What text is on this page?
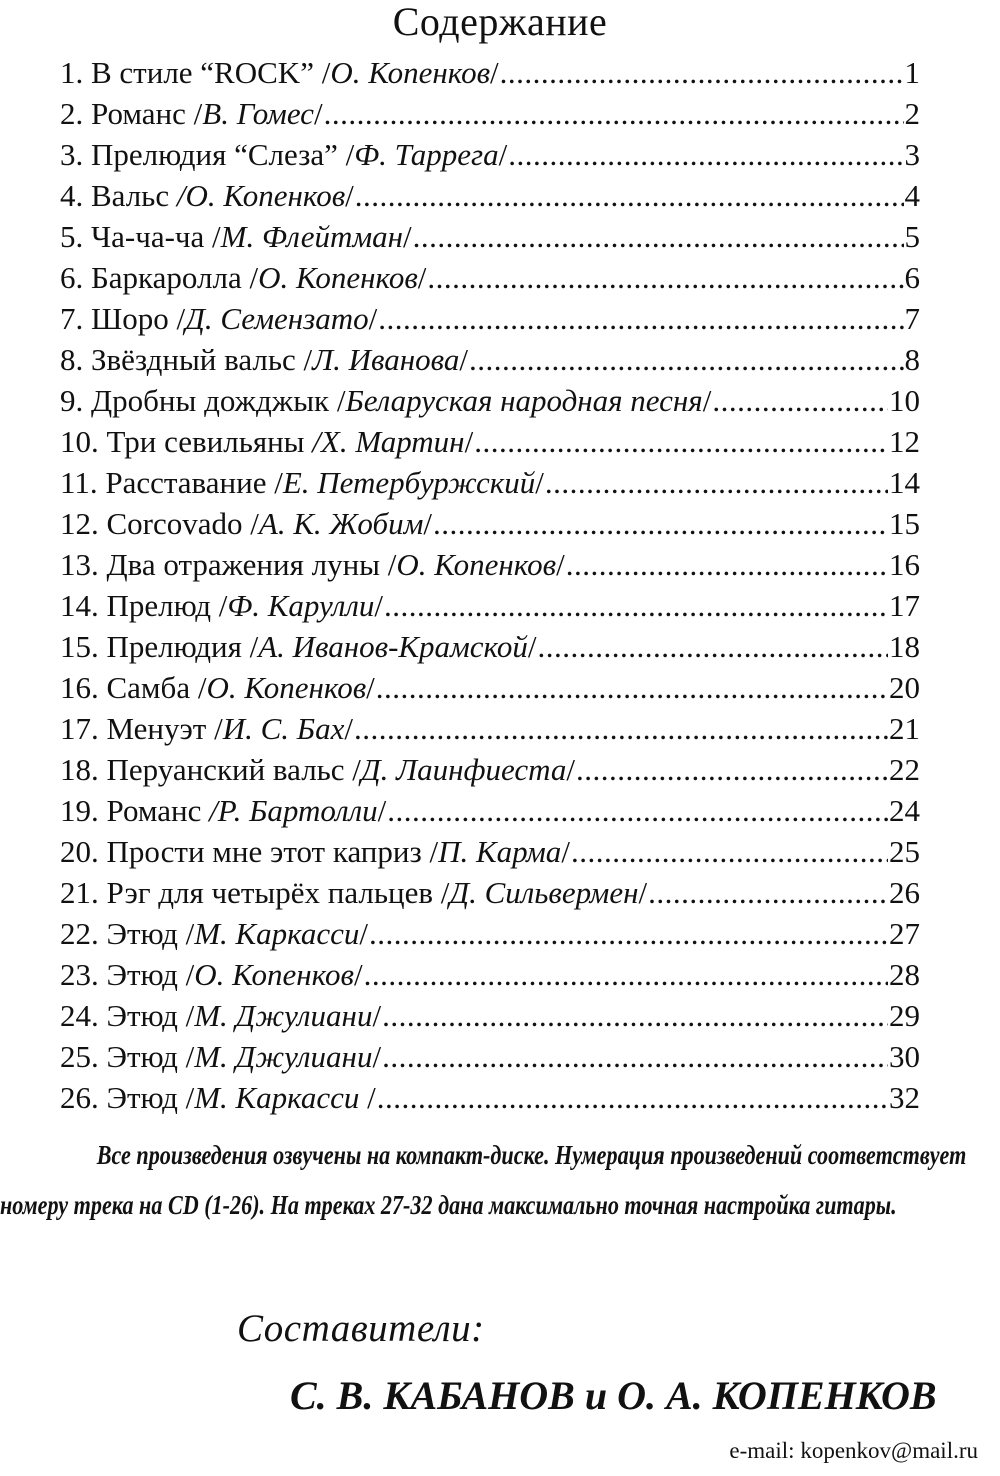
Содержание
1. В стиле “ROCK” /О. Копенков/ .....	1
2. Романс /В. Гомес/ .....	2
3. Прелюдия “Слеза” /Ф. Таррега/ .....	3
4. Вальс /О. Копенков/ .....	4
5. Ча-ча-ча /М. Флейтман/ .....	5
6. Баркаролла /О. Копенков/ .....	6
7. Шоро /Д. Семензато/ .....	7
8. Звёздный вальс /Л. Иванова/ .....	8
9. Дробны дожджык /Беларуская народная песня/ .....	10
10. Три севильяны /Х. Мартин/ .....	12
11. Расставание /Е. Петербуржский/ .....	14
12. Corcovado /А. К. Жобим/ .....	15
13. Два отражения луны /О. Копенков/ .....	16
14. Прелюд /Ф. Карулли/ .....	17
15. Прелюдия /А. Иванов-Крамской/ .....	18
16. Самба /О. Копенков/ .....	20
17. Менуэт /И. С. Бах/ .....	21
18. Перуанский вальс /Д. Лаинфиеста/ .....	22
19. Романс /Р. Бартолли/ .....	24
20. Прости мне этот каприз /П. Карма/ .....	25
21. Рэг для четырёх пальцев /Д. Сильвермен/ .....	26
22. Этюд /М. Каркасси/ .....	27
23. Этюд /О. Копенков/ .....	28
24. Этюд /М. Джулиани/ .....	29
25. Этюд /М. Джулиани/ .....	30
26. Этюд /М. Каркасси / .....	32
Все произведения озвучены на компакт-диске. Нумерация произведений соответствует номеру трека на CD (1-26). На треках 27-32 дана максимально точная настройка гитары.
Составители:
С. В. КАБАНОВ и О. А. КОПЕНКОВ
e-mail: kopenkov@mail.ru
